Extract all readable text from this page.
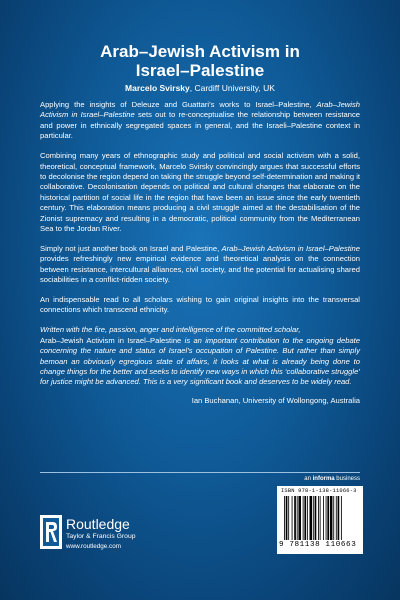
Arab–Jewish Activism in
Israel–Palestine
Marcelo Svirsky, Cardiff University, UK

Applying the insights of Deleuze and Guattari’s works to Israel–Palestine, Arab–Jewish Activism in Israel–Palestine sets out to re-conceptualise the relationship between resistance and power in ethnically segregated spaces in general, and the Israeli–Palestine context in particular.

Combining many years of ethnographic study and political and social activism with a solid, theoretical, conceptual framework, Marcelo Svirsky convincingly argues that successful efforts to decolonise the region depend on taking the struggle beyond self-determination and making it collaborative. Decolonisation depends on political and cultural changes that elaborate on the historical partition of social life in the region that have been an issue since the early twentieth century. This elaboration means producing a civil struggle aimed at the destabilisation of the Zionist supremacy and resulting in a democratic, political community from the Mediterranean Sea to the Jordan River.

Simply not just another book on Israel and Palestine, Arab–Jewish Activism in Israel–Palestine provides refreshingly new empirical evidence and theoretical analysis on the connection between resistance, intercultural alliances, civil society, and the potential for actualising shared sociabilities in a conflict-ridden society.

An indispensable read to all scholars wishing to gain original insights into the transversal connections which transcend ethnicity.

Written with the fire, passion, anger and intelligence of the committed scholar,
Arab–Jewish Activism in Israel–Palestine is an important contribution to the ongoing debate concerning the nature and status of Israel’s occupation of Palestine. But rather than simply bemoan an obviously egregious state of affairs, it looks at what is already being done to change things for the better and seeks to identify new ways in which this ‘collaborative struggle’ for justice might be advanced. This is a very significant book and deserves to be widely read.

Ian Buchanan, University of Wollongong, Australia
an informa business
Routledge
Taylor & Francis Group
www.routledge.com
ISBN 978-1-138-11066-3
9 781138 110663
